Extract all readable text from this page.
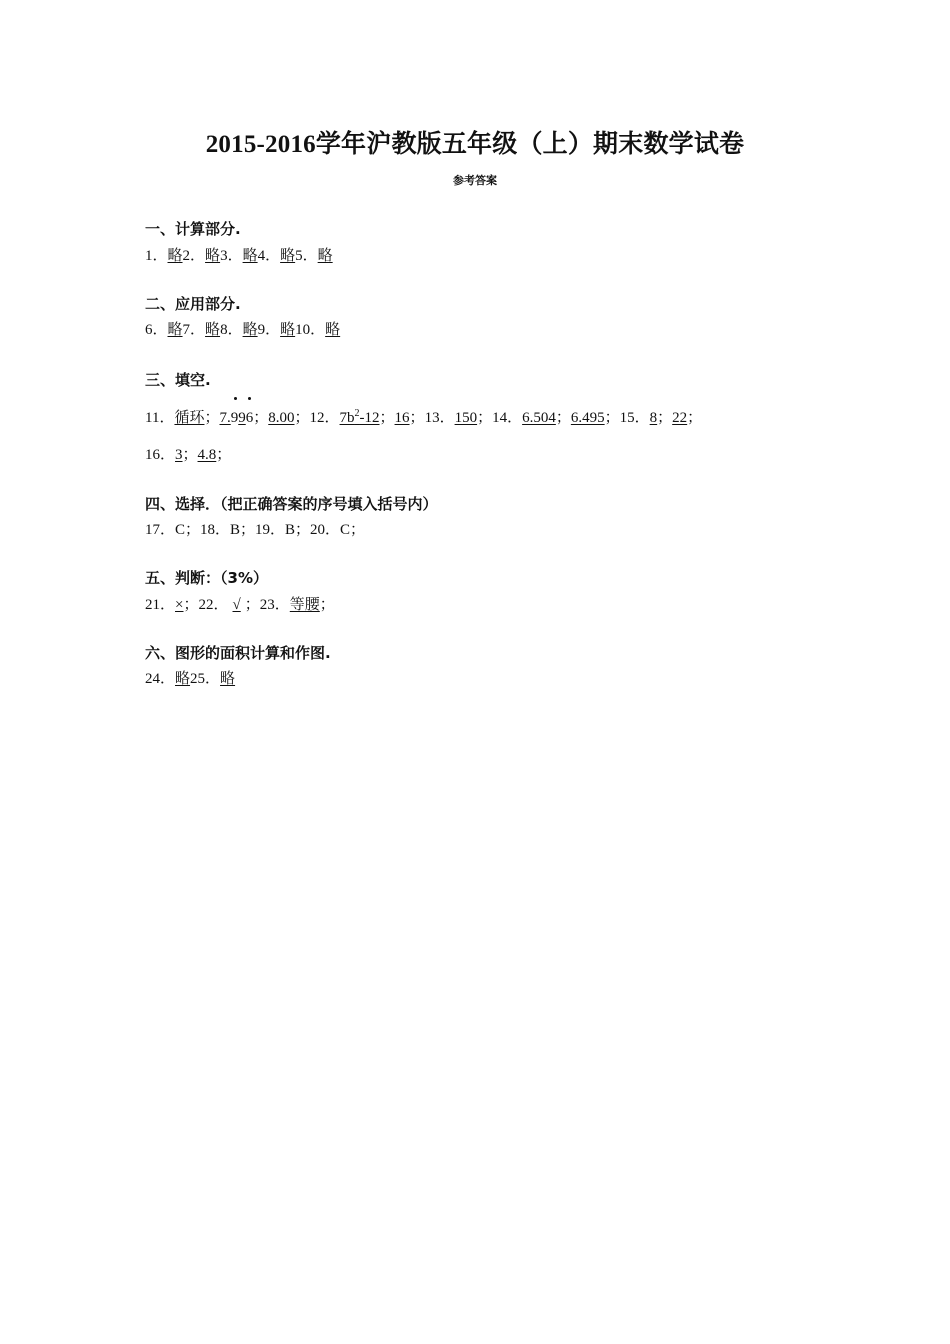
2015-2016学年沪教版五年级（上）期末数学试卷
参考答案
一、计算部分.
1．略2．略3．略4．略5．略
二、应用部分.
6．略7．略8．略9．略10．略
三、填空.
11．循环；7.
99
6；8.00；12．$7b^2-12$；16；13．150；14．6.504；6.495；15．8；22；
16．3；4.8；
四、选择．（把正确答案的序号填入括号内）
17．C；18．B；19．B；20．C；
五、判断：（3%）
21．×；22． √ ；23．等腰；
六、图形的面积计算和作图.
24．略25．略
